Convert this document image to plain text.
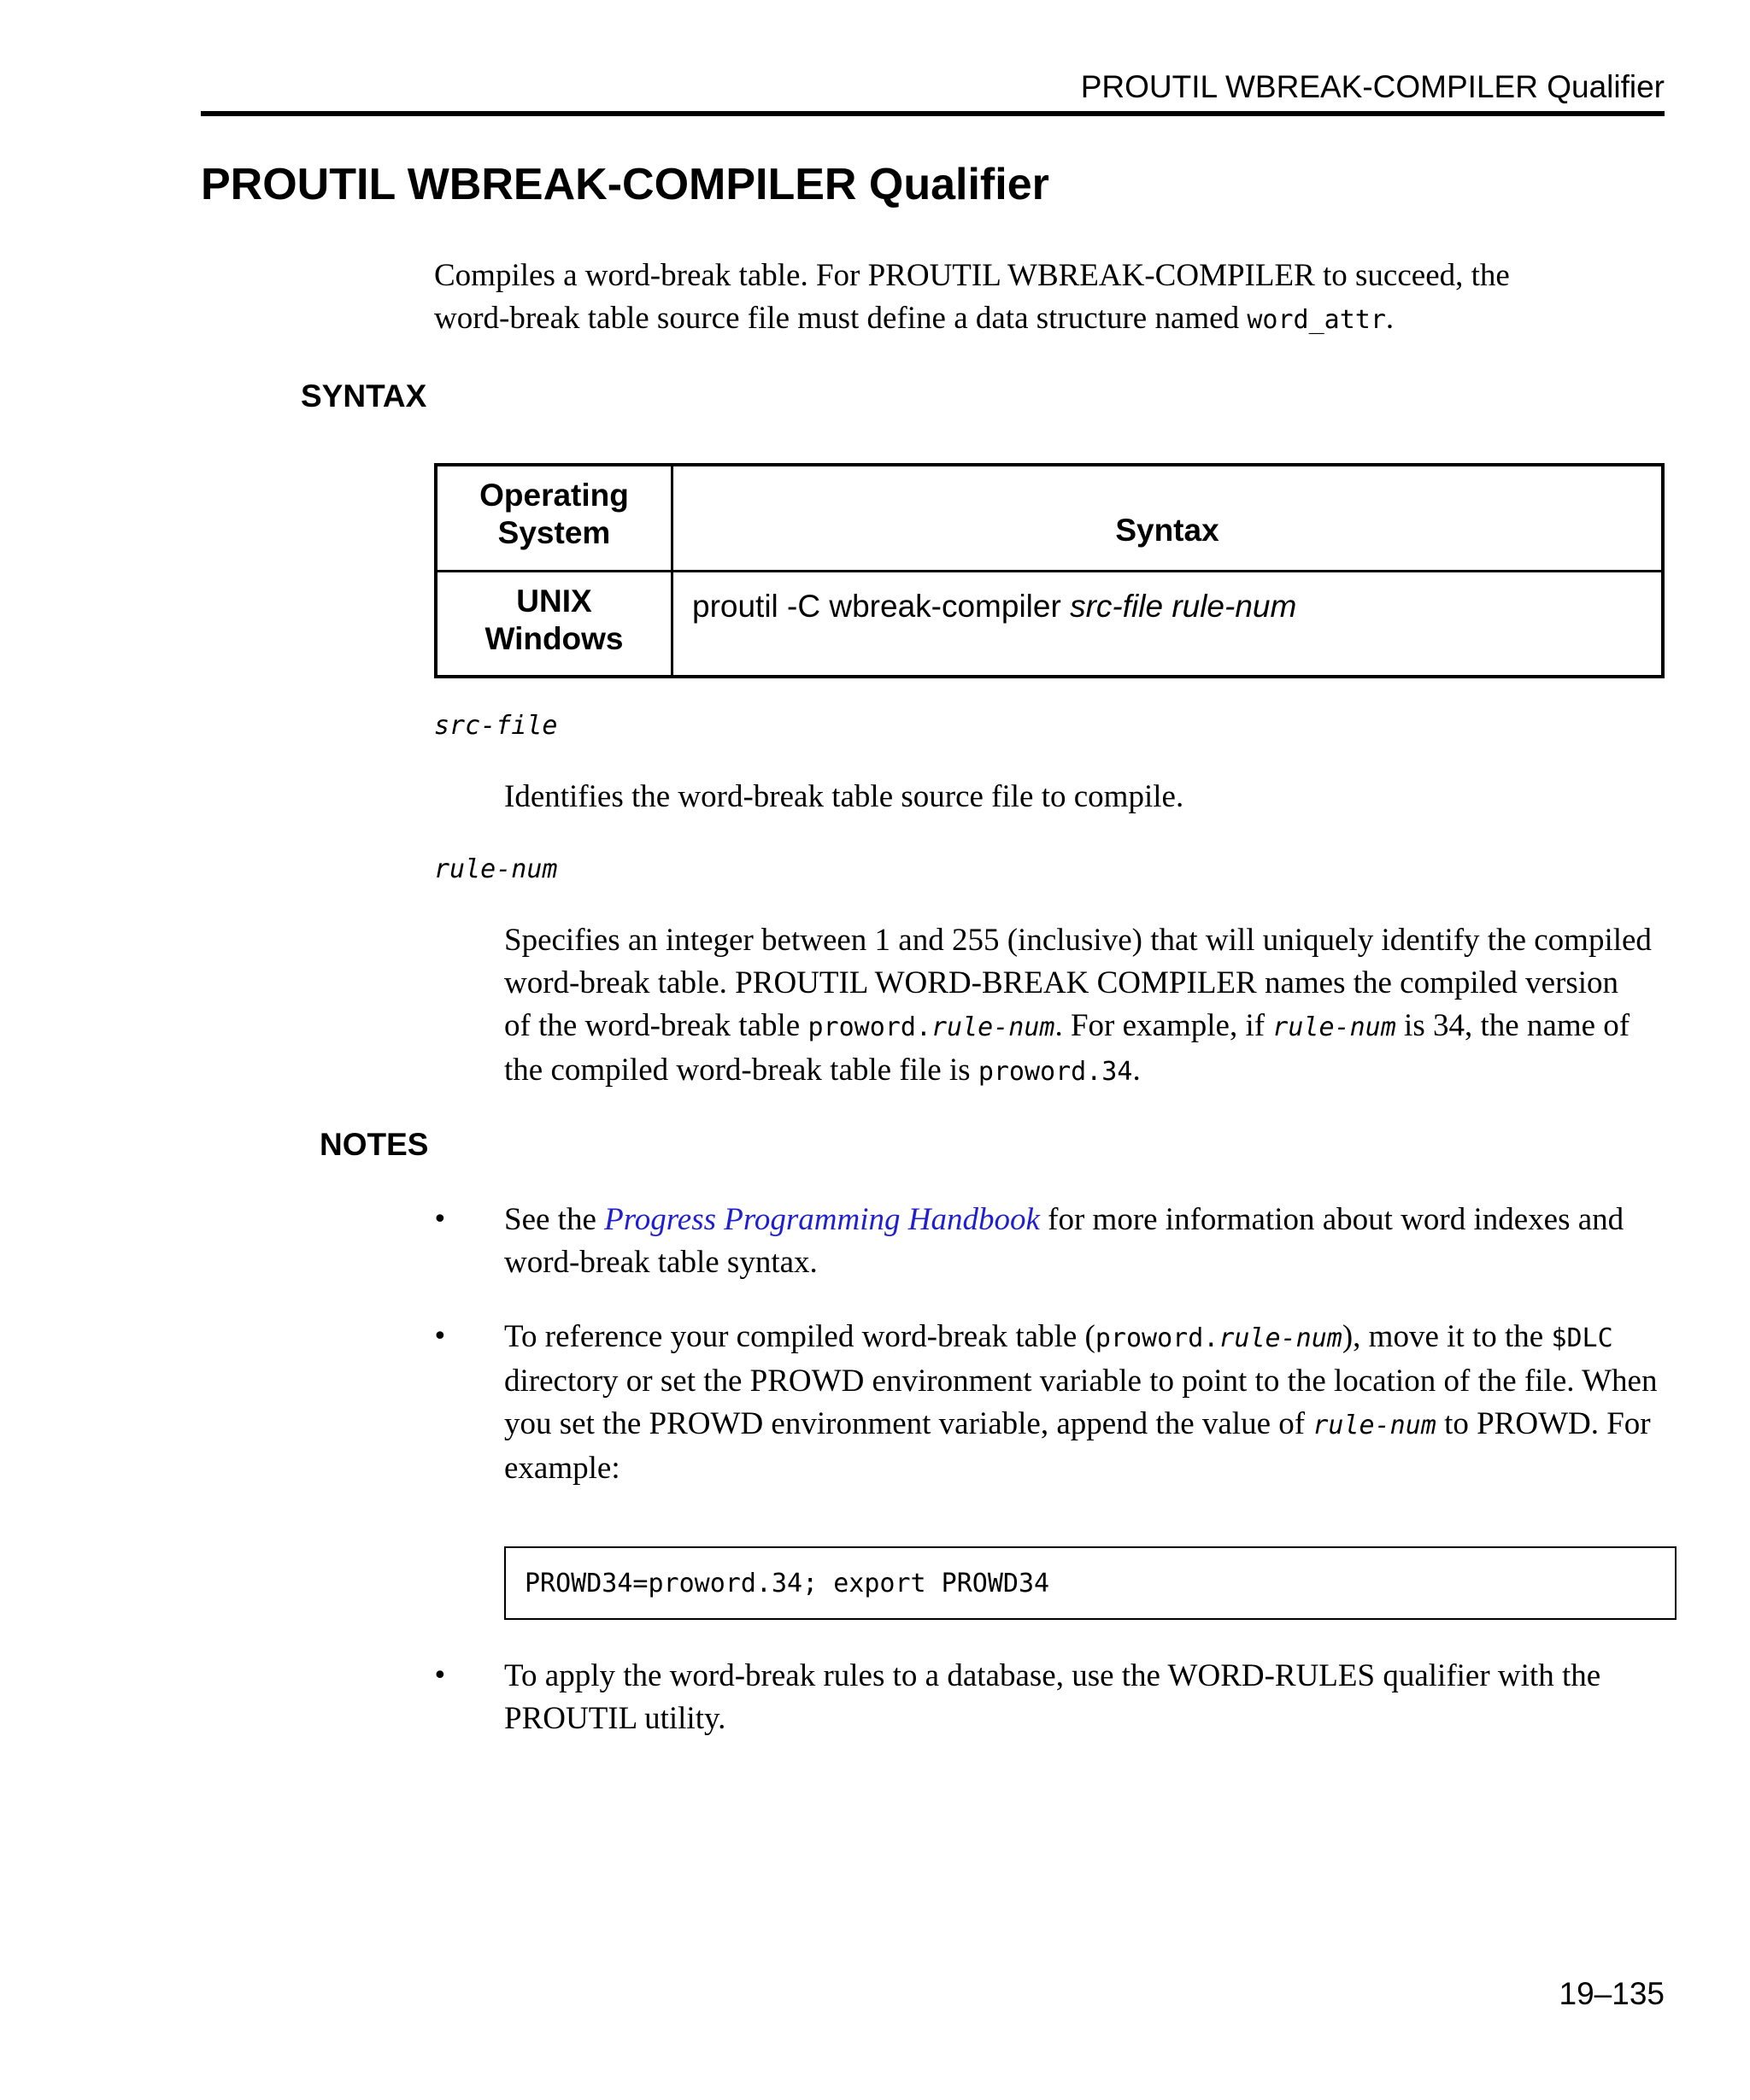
PROUTIL WBREAK-COMPILER Qualifier
PROUTIL WBREAK-COMPILER Qualifier

Compiles a word-break table. For PROUTIL WBREAK-COMPILER to succeed, the
word-break table source file must define a data structure named word_attr.

SYNTAX
Operating
System	Syntax

UNIX
Windows	proutil -C wbreak-compiler src-file rule-num

src-file

Identifies the word-break table source file to compile.

rule-num

Specifies an integer between 1 and 255 (inclusive) that will uniquely identify the compiled
word-break table. PROUTIL WORD-BREAK COMPILER names the compiled version
of the word-break table proword.rule-num. For example, if rule-num is 34, the name of
the compiled word-break table file is proword.34.

NOTES
• See the Progress Programming Handbook for more information about word indexes and
word-break table syntax.

• To reference your compiled word-break table (proword.rule-num), move it to the $DLC
directory or set the PROWD environment variable to point to the location of the file. When
you set the PROWD environment variable, append the value of rule-num to PROWD. For
example:

PROWD34=proword.34; export PROWD34
• To apply the word-break rules to a database, use the WORD-RULES qualifier with the
PROUTIL utility.

19–135
